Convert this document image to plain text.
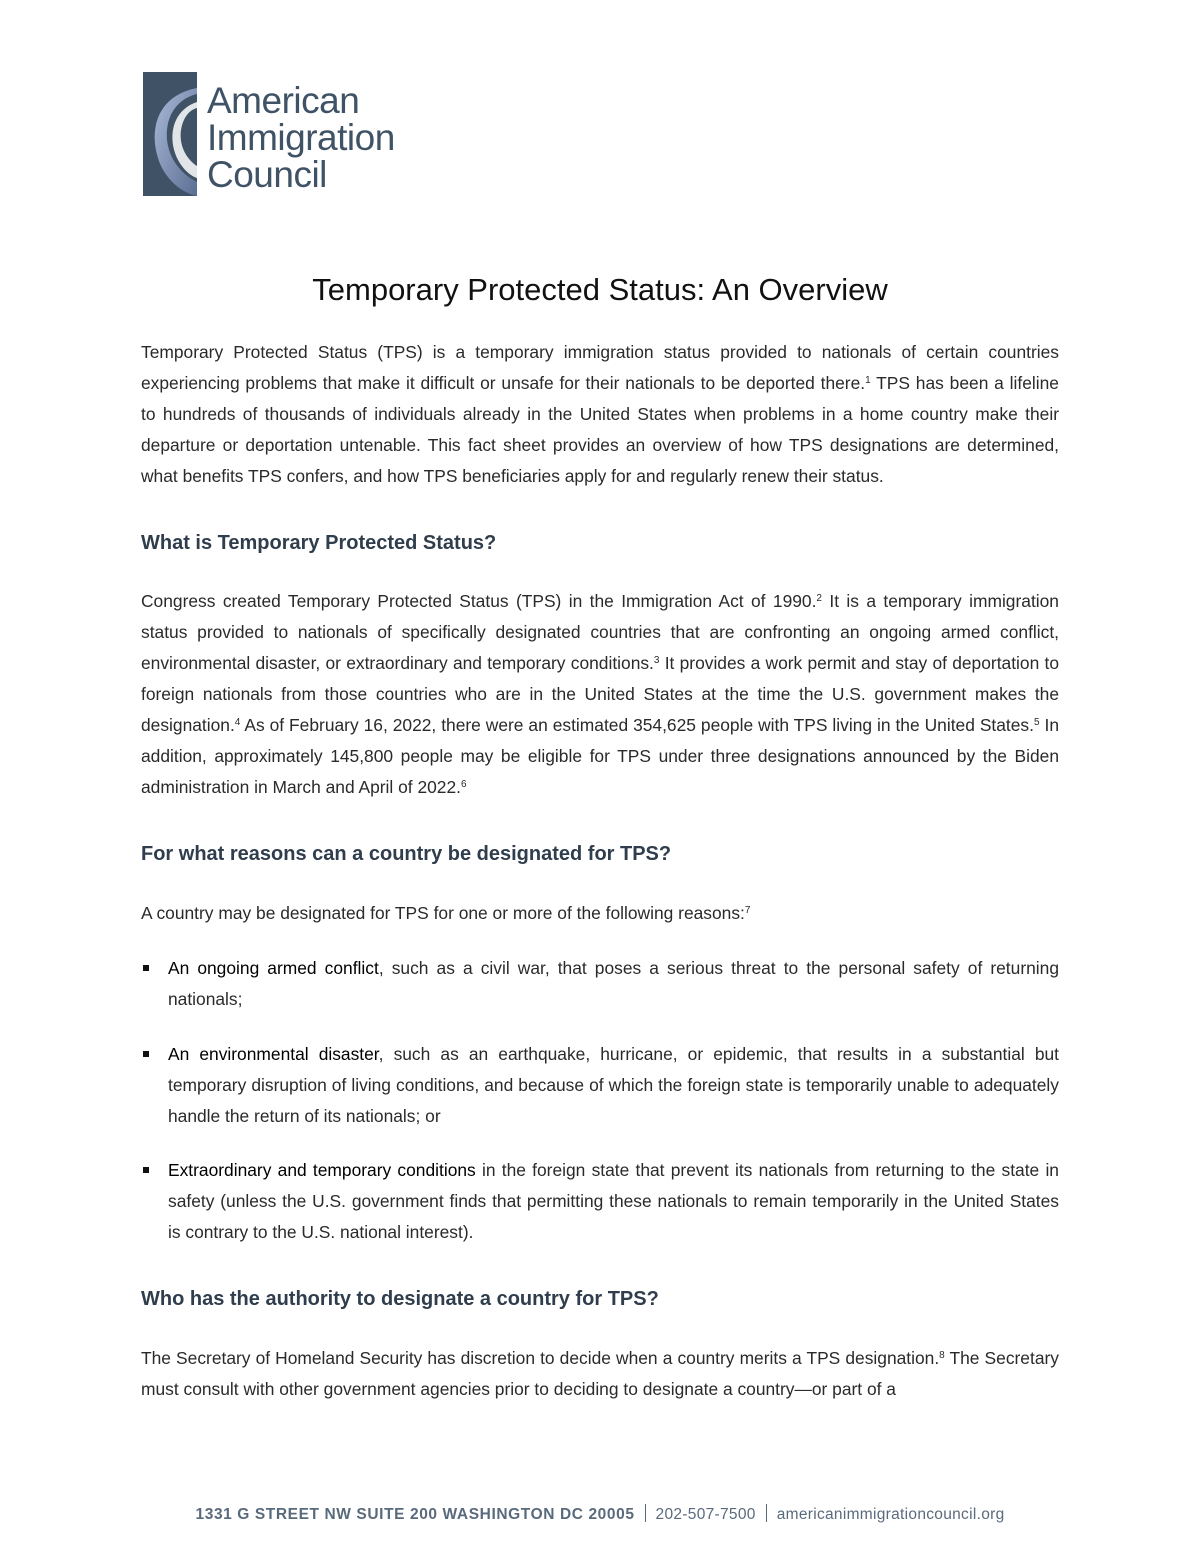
American
Immigration
Council
Temporary Protected Status: An Overview

Temporary Protected Status (TPS) is a temporary immigration status provided to nationals of certain countries experiencing problems that make it difficult or unsafe for their nationals to be deported there.$^1$ TPS has been a lifeline to hundreds of thousands of individuals already in the United States when problems in a home country make their departure or deportation untenable. This fact sheet provides an overview of how TPS designations are determined, what benefits TPS confers, and how TPS beneficiaries apply for and regularly renew their status.

What is Temporary Protected Status?

Congress created Temporary Protected Status (TPS) in the Immigration Act of 1990.$^2$ It is a temporary immigration status provided to nationals of specifically designated countries that are confronting an ongoing armed conflict, environmental disaster, or extraordinary and temporary conditions.$^3$ It provides a work permit and stay of deportation to foreign nationals from those countries who are in the United States at the time the U.S. government makes the designation.$^4$ As of February 16, 2022, there were an estimated 354,625 people with TPS living in the United States.$^5$ In addition, approximately 145,800 people may be eligible for TPS under three designations announced by the Biden administration in March and April of 2022.$^6$

For what reasons can a country be designated for TPS?

A country may be designated for TPS for one or more of the following reasons:$^7$

An ongoing armed conflict, such as a civil war, that poses a serious threat to the personal safety of returning nationals;
An environmental disaster, such as an earthquake, hurricane, or epidemic, that results in a substantial but temporary disruption of living conditions, and because of which the foreign state is temporarily unable to adequately handle the return of its nationals; or
Extraordinary and temporary conditions in the foreign state that prevent its nationals from returning to the state in safety (unless the U.S. government finds that permitting these nationals to remain temporarily in the United States is contrary to the U.S. national interest).
Who has the authority to designate a country for TPS?

The Secretary of Homeland Security has discretion to decide when a country merits a TPS designation.$^8$ The Secretary must consult with other government agencies prior to deciding to designate a country—or part of a

1331 G STREET NW SUITE 200 WASHINGTON DC 20005 202-507-7500 americanimmigrationcouncil.org
